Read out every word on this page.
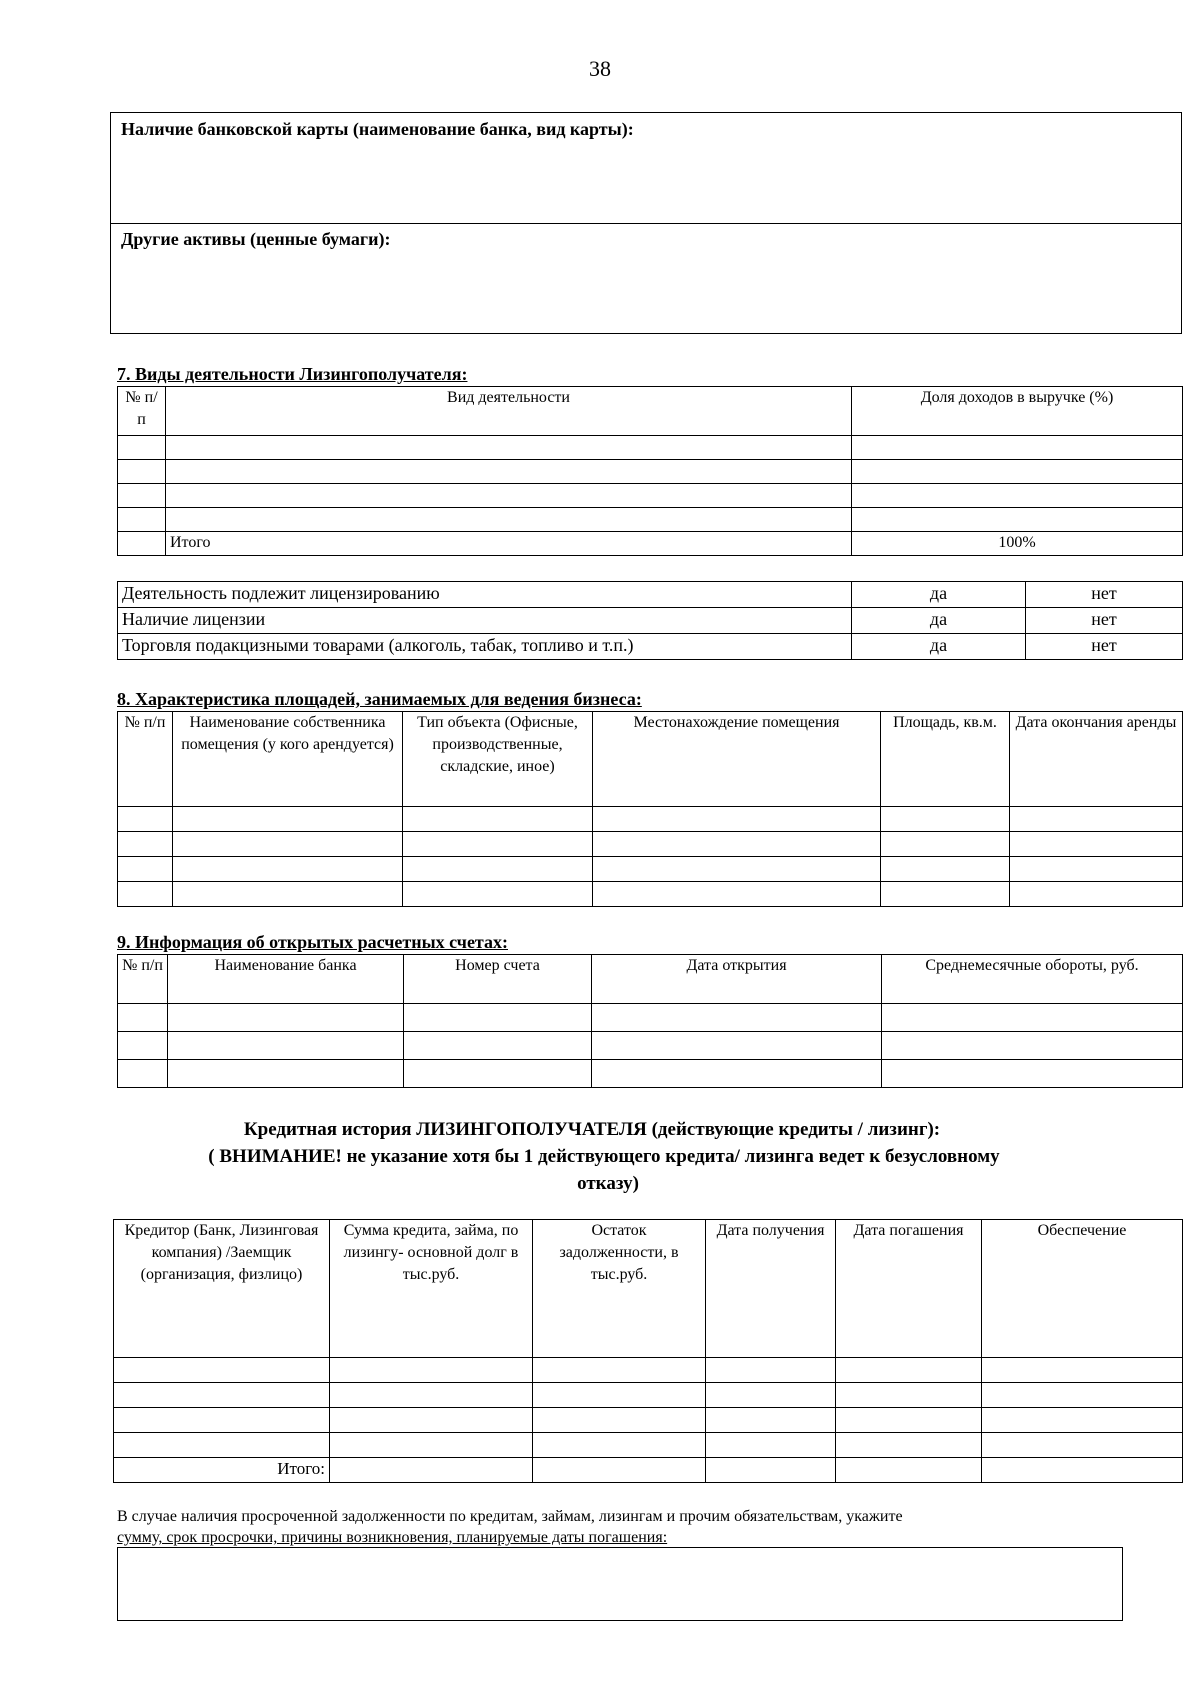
38
Наличие банковской карты (наименование банка, вид карты):
Другие активы (ценные бумаги):
7. Виды деятельности Лизингополучателя:
№ п/п	Вид деятельности	Доля доходов в выручке (%)

	Итого	100%
Деятельность подлежит лицензированию	да	нет
Наличие лицензии	да	нет
Торговля подакцизными товарами (алкоголь, табак, топливо и т.п.)	да	нет
8. Характеристика площадей, занимаемых для ведения бизнеса:
№ п/п	Наименование собственника помещения (у кого арендуется)	Тип объекта (Офисные, производственные, складские, иное)	Местонахождение помещения	Площадь, кв.м.	Дата окончания аренды

9. Информация об открытых расчетных счетах:
№ п/п	Наименование банка	Номер счета	Дата открытия	Среднемесячные обороты, руб.

Кредитная история ЛИЗИНГОПОЛУЧАТЕЛЯ (действующие кредиты / лизинг):
( ВНИМАНИЕ! не указание хотя бы 1 действующего кредита/ лизинга ведет к безусловному
отказу)
Кредитор (Банк, Лизинговая компания) /Заемщик (организация, физлицо)	Сумма кредита, займа, по лизингу- основной долг в тыс.руб.	Остаток задолженности, в тыс.руб.	Дата получения	Дата погашения	Обеспечение

Итого:					
В случае наличия просроченной задолженности по кредитам, займам, лизингам и прочим обязательствам, укажите
сумму, срок просрочки, причины возникновения, планируемые даты погашения:
